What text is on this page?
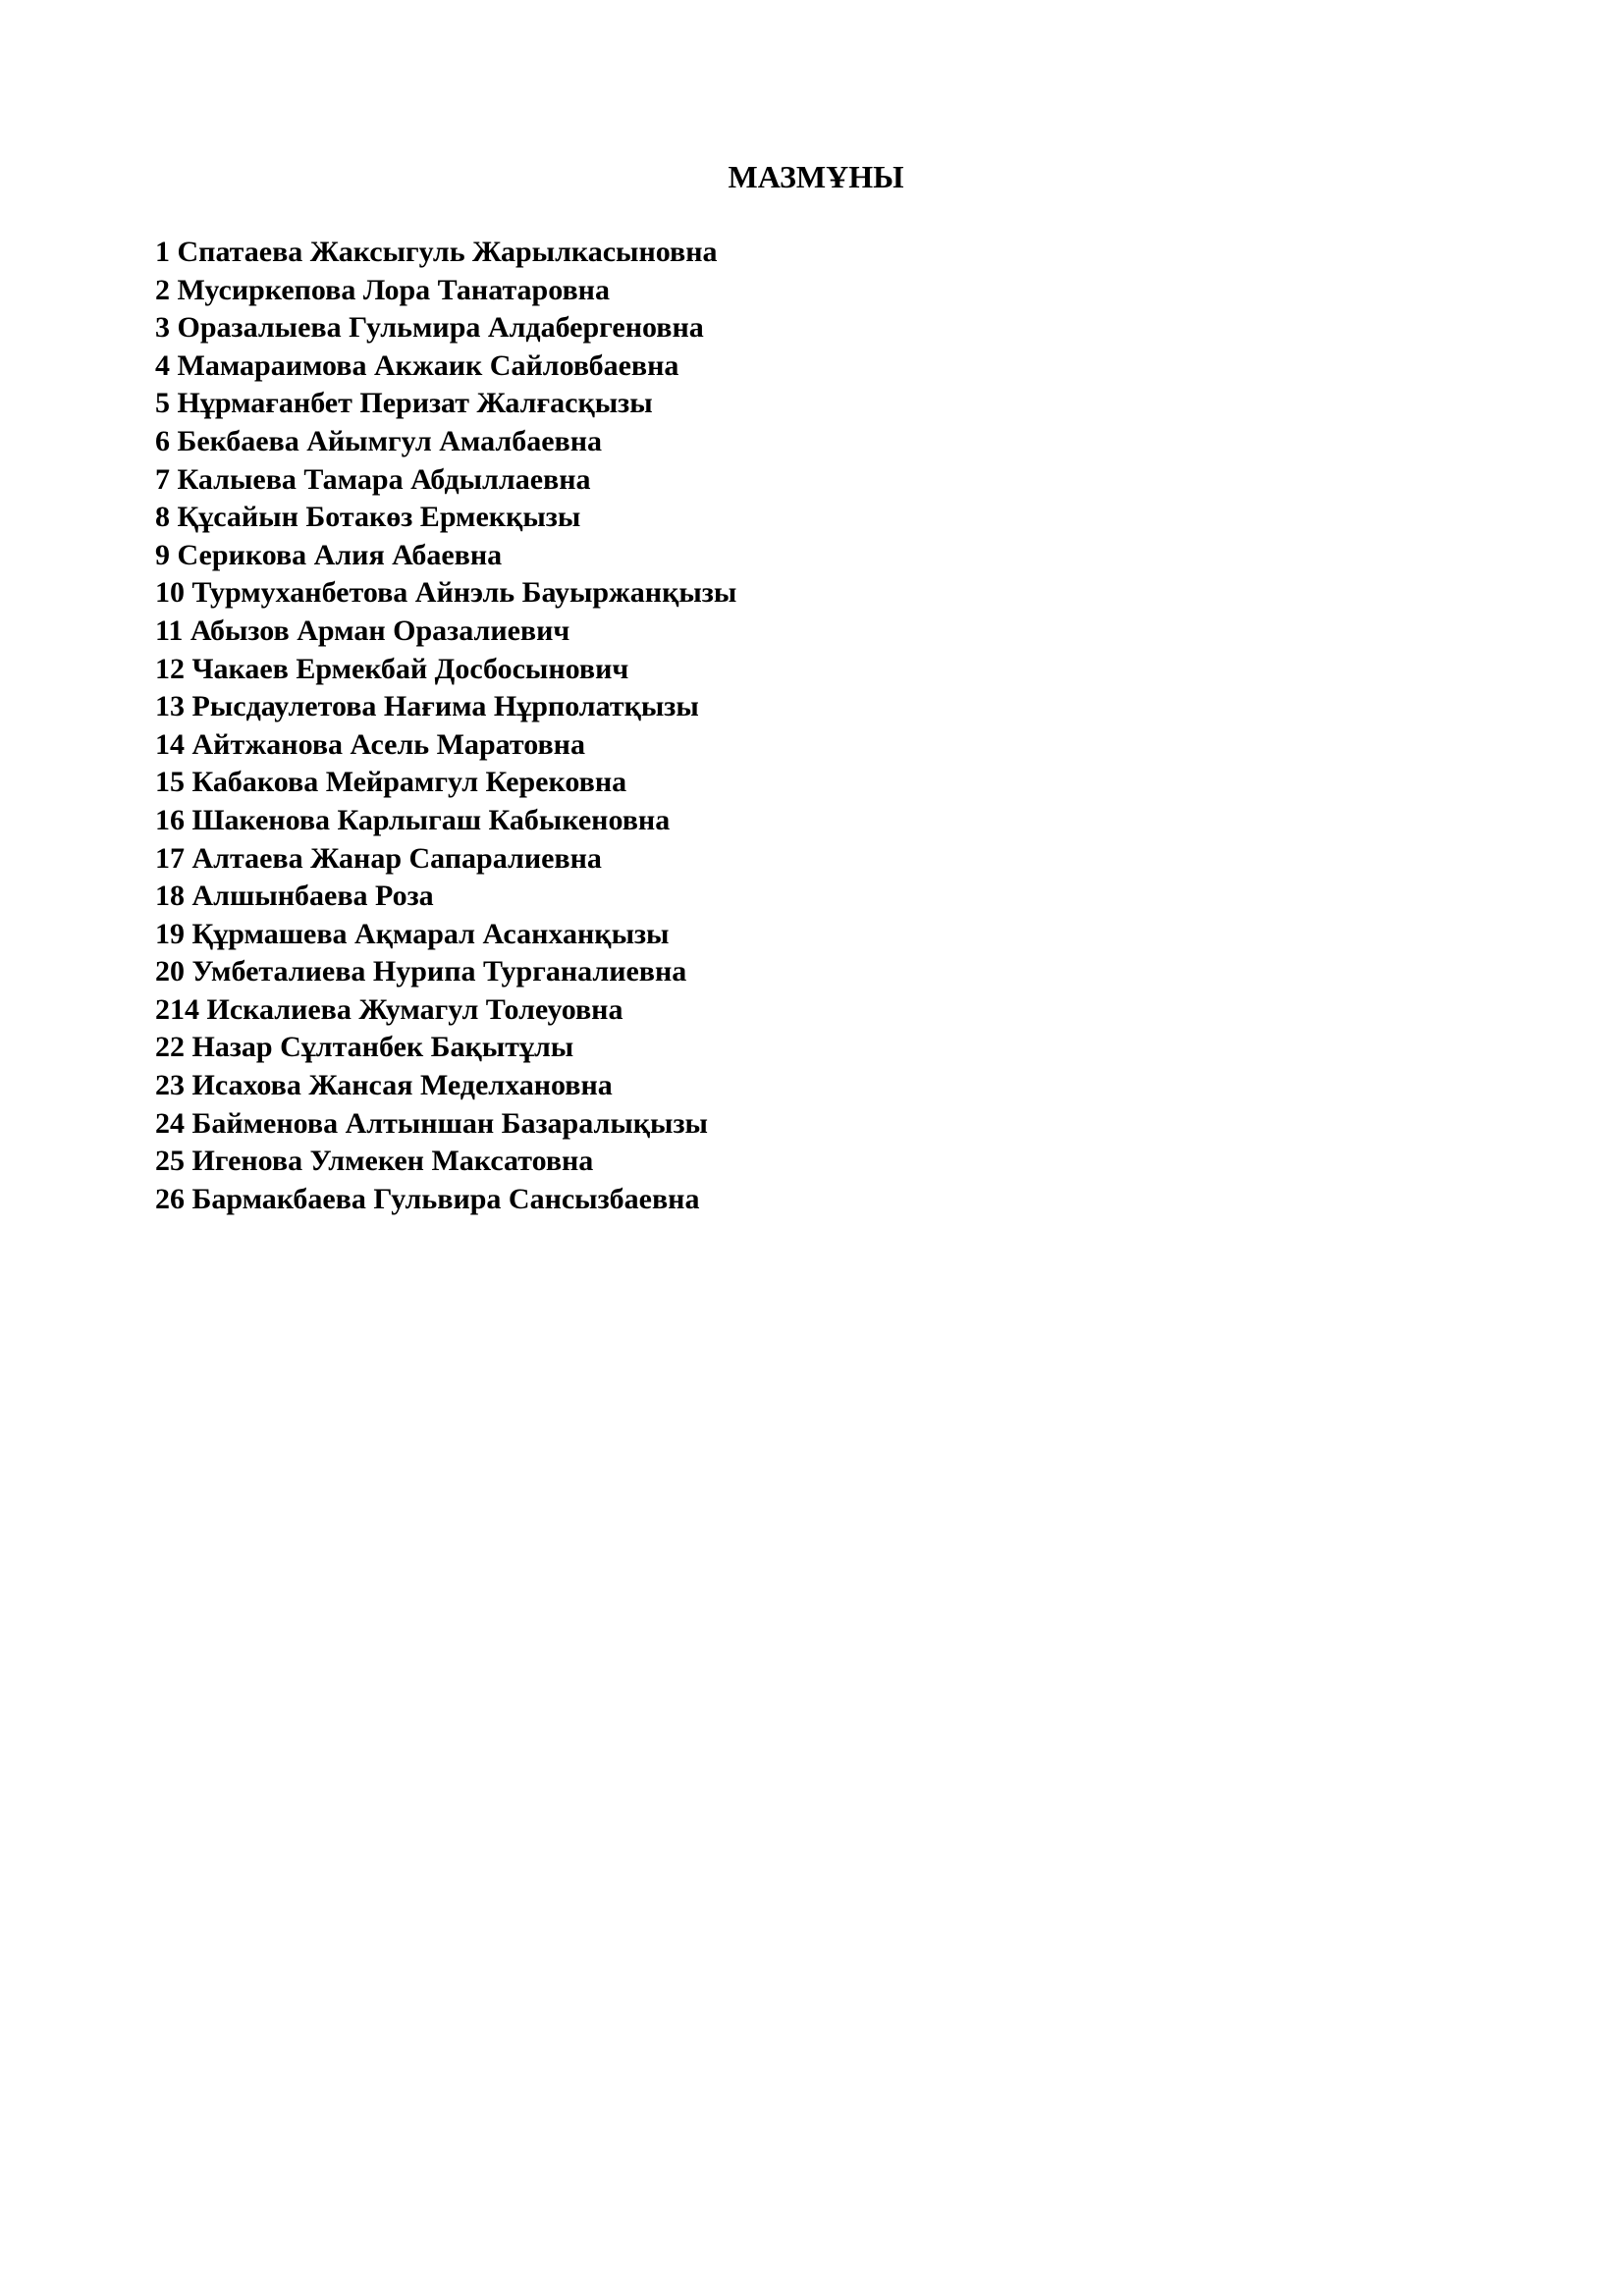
МАЗМҰНЫ
1 Спатаева Жаксыгуль Жарылкасыновна
2 Мусиркепова Лора Танатаровна
3 Оразалыева Гульмира Алдабергеновна
4 Мамараимова Акжаик Сайловбаевна
5 Нұрмағанбет Перизат Жалғасқызы
6 Бекбаева Айымгул Амалбаевна
7 Калыева Тамара Абдыллаевна
8 Құсайын Ботакөз Ермекқызы
9 Серикова Алия Абаевна
10 Турмуханбетова Айнэль Бауыржанқызы
11 Абызов Арман Оразалиевич
12 Чакаев Ермекбай Досбосынович
13 Рысдаулетова Нағима Нұрполатқызы
14 Айтжанова Асель Маратовна
15 Кабакова Мейрамгул Керековна
16 Шакенова Карлыгаш Кабыкеновна
17 Алтаева Жанар Сапаралиевна
18 Алшынбаева Роза
19 Құрмашева Ақмарал Асанханқызы
20 Умбеталиева Нурипа Турганалиевна
214 Искалиева Жумагул Толеуовна
22 Назар Сұлтанбек Бақытұлы
23 Исахова Жансая Меделхановна
24 Байменова Алтыншан Базаралықызы
25 Игенова Улмекен Максатовна
26 Бармакбаева Гульвира Сансызбаевна
